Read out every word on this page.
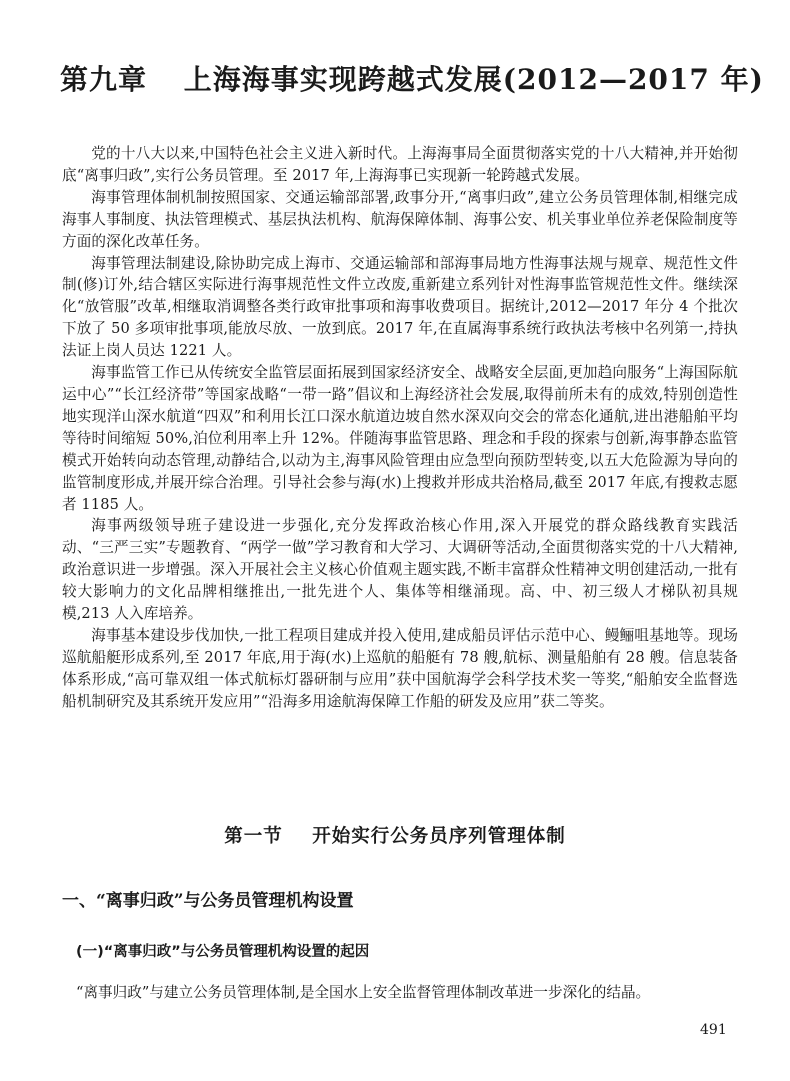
第九章 上海海事实现跨越式发展(2012—2017 年)

党的十八大以来,中国特色社会主义进入新时代。上海海事局全面贯彻落实党的十八大精神,并开始彻底“离事归政”,实行公务员管理。至 2017 年,上海海事已实现新一轮跨越式发展。

海事管理体制机制按照国家、交通运输部部署,政事分开,“离事归政”,建立公务员管理体制,相继完成海事人事制度、执法管理模式、基层执法机构、航海保障体制、海事公安、机关事业单位养老保险制度等方面的深化改革任务。

海事管理法制建设,除协助完成上海市、交通运输部和部海事局地方性海事法规与规章、规范性文件制(修)订外,结合辖区实际进行海事规范性文件立改废,重新建立系列针对性海事监管规范性文件。继续深化“放管服”改革,相继取消调整各类行政审批事项和海事收费项目。据统计,2012—2017 年分 4 个批次下放了 50 多项审批事项,能放尽放、一放到底。2017 年,在直属海事系统行政执法考核中名列第一,持执法证上岗人员达 1221 人。

海事监管工作已从传统安全监管层面拓展到国家经济安全、战略安全层面,更加趋向服务“上海国际航运中心”“长江经济带”等国家战略“一带一路”倡议和上海经济社会发展,取得前所未有的成效,特别创造性地实现洋山深水航道“四双”和利用长江口深水航道边坡自然水深双向交会的常态化通航,进出港船舶平均等待时间缩短 50%,泊位利用率上升 12%。伴随海事监管思路、理念和手段的探索与创新,海事静态监管模式开始转向动态管理,动静结合,以动为主,海事风险管理由应急型向预防型转变,以五大危险源为导向的监管制度形成,并展开综合治理。引导社会参与海(水)上搜救并形成共治格局,截至 2017 年底,有搜救志愿者 1185 人。

海事两级领导班子建设进一步强化,充分发挥政治核心作用,深入开展党的群众路线教育实践活动、“三严三实”专题教育、“两学一做”学习教育和大学习、大调研等活动,全面贯彻落实党的十八大精神,政治意识进一步增强。深入开展社会主义核心价值观主题实践,不断丰富群众性精神文明创建活动,一批有较大影响力的文化品牌相继推出,一批先进个人、集体等相继涌现。高、中、初三级人才梯队初具规模,213 人入库培养。

海事基本建设步伐加快,一批工程项目建成并投入使用,建成船员评估示范中心、鳗鲡咀基地等。现场巡航船艇形成系列,至 2017 年底,用于海(水)上巡航的船艇有 78 艘,航标、测量船舶有 28 艘。信息装备体系形成,“高可靠双组一体式航标灯器研制与应用”获中国航海学会科学技术奖一等奖,“船舶安全监督选船机制研究及其系统开发应用”“沿海多用途航海保障工作船的研发及应用”获二等奖。

第一节 开始实行公务员序列管理体制
一、“离事归政”与公务员管理机构设置
(一)“离事归政”与公务员管理机构设置的起因
“离事归政”与建立公务员管理体制,是全国水上安全监督管理体制改革进一步深化的结晶。
491
